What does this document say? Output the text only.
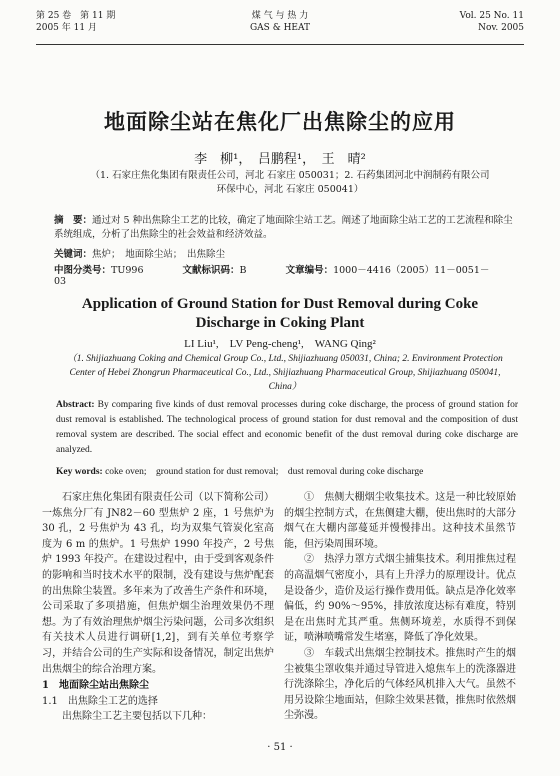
第 25 卷　第 11 期
2005 年 11 月
煤 气 与 热 力
GAS & HEAT
Vol. 25 No. 11
Nov. 2005
地面除尘站在焦化厂出焦除尘的应用
李　柳¹，　吕鹏程¹，　王　晴²
（1. 石家庄焦化集团有限责任公司，河北 石家庄 050031；2. 石药集团河北中润制药有限公司 环保中心，河北 石家庄 050041）
摘　要：通过对 5 种出焦除尘工艺的比较，确定了地面除尘站工艺。阐述了地面除尘站工艺的工艺流程和除尘系统组成，分析了出焦除尘的社会效益和经济效益。
关键词：焦炉；　地面除尘站；　出焦除尘
中图分类号：TU996	文献标识码：B	文章编号：1000－4416（2005）11－0051－03
Application of Ground Station for Dust Removal during Coke
Discharge in Coking Plant
LI Liu¹,　LV Peng-cheng¹,　WANG Qing²
（1. Shijiazhuang Coking and Chemical Group Co., Ltd., Shijiazhuang 050031, China; 2. Environment Protection Center of Hebei Zhongrun Pharmaceutical Co., Ltd., Shijiazhuang Pharmaceutical Group, Shijiazhuang 050041, China）
Abstract: By comparing five kinds of dust removal processes during coke discharge, the process of ground station for dust removal is established. The technological process of ground station for dust removal and the composition of dust removal system are described. The social effect and economic benefit of the dust removal during coke discharge are analyzed.
Key words: coke oven;　ground station for dust removal;　dust removal during coke discharge

石家庄焦化集团有限责任公司（以下简称公司）一炼焦分厂有 JN82－60 型焦炉 2 座，1 号焦炉为 30 孔，2 号焦炉为 43 孔，均为双集气管炭化室高度为 6 m 的焦炉。1 号焦炉 1990 年投产，2 号焦炉 1993 年投产。在建设过程中，由于受到客观条件的影响和当时技术水平的限制，没有建设与焦炉配套的出焦除尘装置。多年来为了改善生产条件和环境，公司采取了多项措施，但焦炉烟尘治理效果仍不理想。为了有效治理焦炉烟尘污染问题，公司多次组织有关技术人员进行调研[1,2]，到有关单位考察学习，并结合公司的生产实际和设备情况，制定出焦炉出焦烟尘的综合治理方案。

1　地面除尘站出焦除尘

1.1　出焦除尘工艺的选择

出焦除尘工艺主要包括以下几种：

①　焦侧大棚烟尘收集技术。这是一种比较原始的烟尘控制方式，在焦侧建大棚，使出焦时的大部分烟气在大棚内部蔓延并慢慢排出。这种技术虽然节能，但污染周围环境。

②　热浮力罩方式烟尘捕集技术。利用推焦过程的高温烟气密度小，具有上升浮力的原理设计。优点是设备少，造价及运行操作费用低。缺点是净化效率偏低，约 90%～95%，排放浓度达标有难度，特别是在出焦时尤其严重。焦侧环境差，水质得不到保证，喷淋喷嘴常发生堵塞，降低了净化效果。

③　车载式出焦烟尘控制技术。推焦时产生的烟尘被集尘罩收集并通过导管进入熄焦车上的洗涤器进行洗涤除尘，净化后的气体经风机排入大气。虽然不用另设除尘地面站，但除尘效果甚微，推焦时依然烟尘弥漫。

· 51 ·
